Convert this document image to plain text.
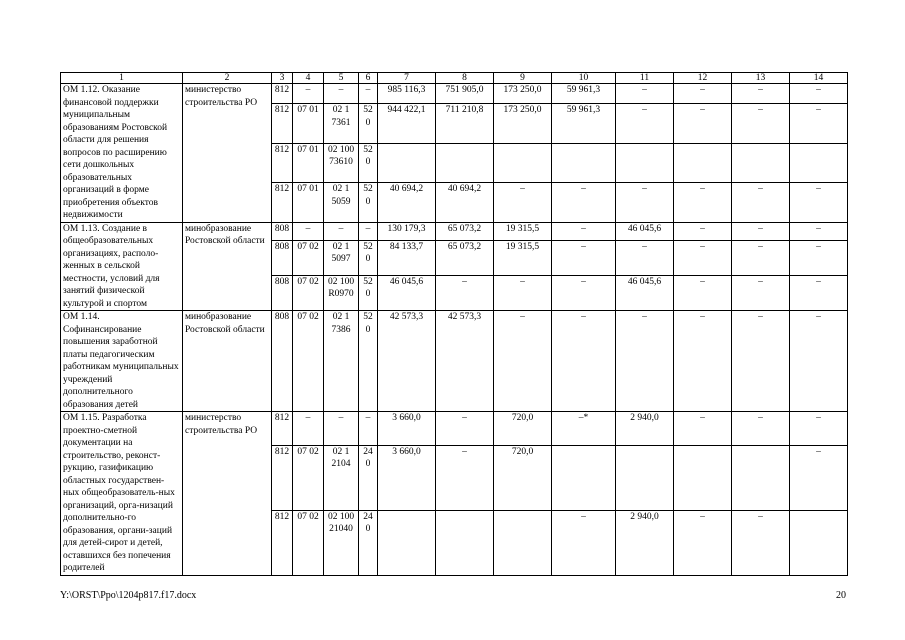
1	2	3	4	5	6	7	8	9	10	11	12	13	14
ОМ 1.12. Оказание финансовой поддержки муниципальным образованиям Ростовской области для решения вопросов по расширению сети дошкольных образовательных организаций в форме приобретения объектов недвижимости	министерство строительства РО	812	–	–	–	985 116,3	751 905,0	173 250,0	59 961,3	–	–	–	–
		812	07 01	02 1 7361	520	944 422,1	711 210,8	173 250,0	59 961,3	–	–	–	–
		812	07 01	02 100 73610	520								
		812	07 01	02 1 5059	520	40 694,2	40 694,2	–	–	–	–	–	–
ОМ 1.13. Создание в общеобразовательных организациях, располо-женных в сельской местности, условий для занятий физической культурой и спортом	минобразование Ростовской области	808	–	–	–	130 179,3	65 073,2	19 315,5	–	46 045,6	–	–	–
		808	07 02	02 1 5097	520	84 133,7	65 073,2	19 315,5	–	–	–	–	–
		808	07 02	02 100 R0970	520	46 045,6	–	–	–	46 045,6	–	–	–
ОМ 1.14. Софинансирование повышения заработной платы педагогическим работникам муниципальных учреждений дополнительного образования детей	минобразование Ростовской области	808	07 02	02 1 7386	520	42 573,3	42 573,3	–	–	–	–	–	–
ОМ 1.15. Разработка проектно-сметной документации на строительство, реконст-рукцию, газификацию областных государствен-ных общеобразователь-ных организаций, орга-низаций дополнительно-го образования, органи-заций для детей-сирот и детей, оставшихся без попечения родителей	министерство строительства РО	812	–	–	–	3 660,0	–	720,0	–*	2 940,0	–	–	–
		812	07 02	02 1 2104	240	3 660,0	–	720,0					–
		812	07 02	02 100 21040	240				–	2 940,0	–	–	
Y:\ORST\Ppo\1204p817.f17.docx	20
